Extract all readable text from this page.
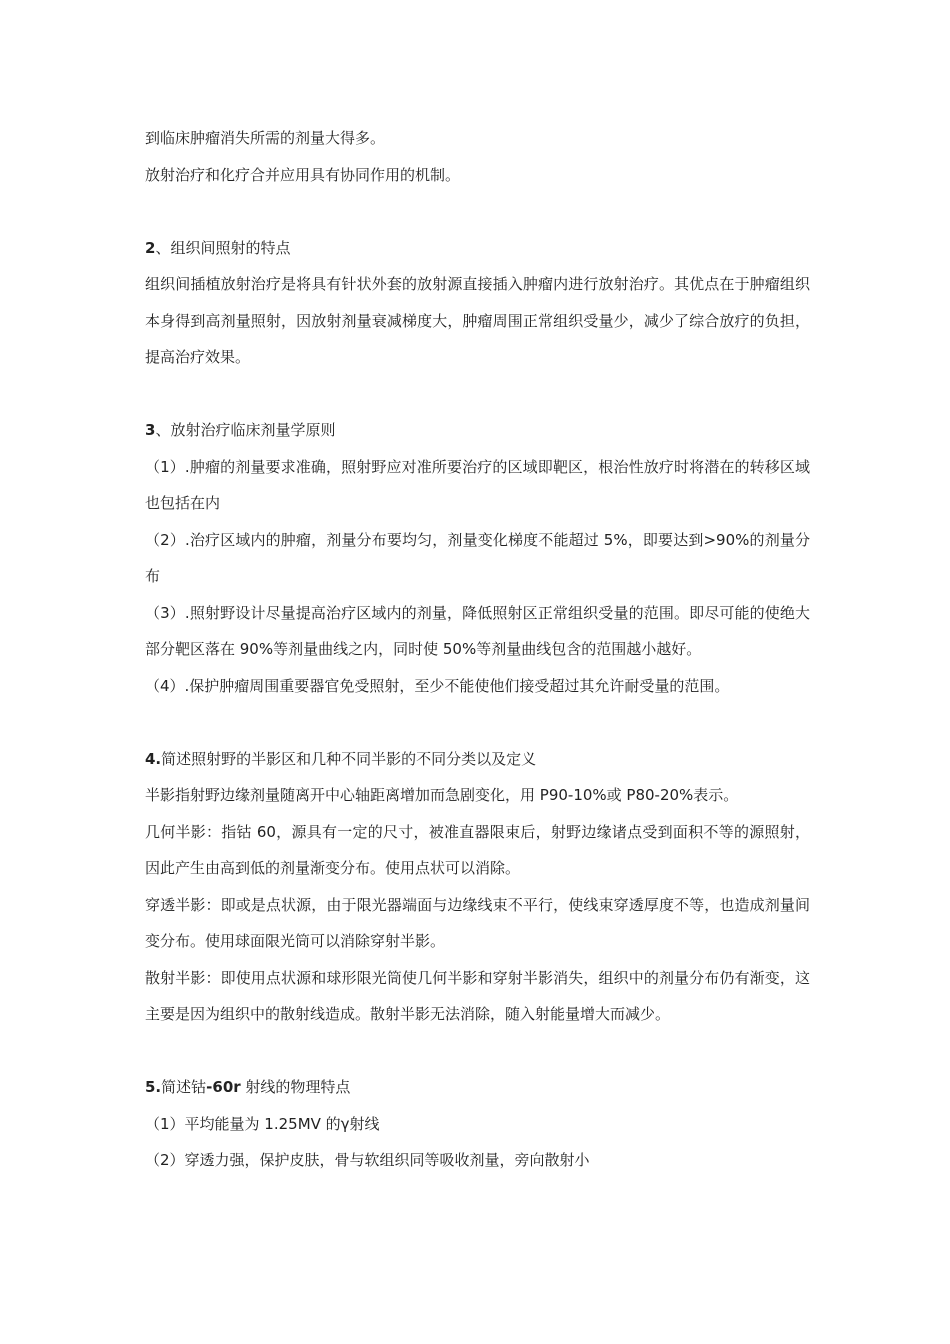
到临床肿瘤消失所需的剂量大得多。

放射治疗和化疗合并应用具有协同作用的机制。

2、组织间照射的特点

组织间插植放射治疗是将具有针状外套的放射源直接插入肿瘤内进行放射治疗。其优点在于肿瘤组织本身得到高剂量照射，因放射剂量衰减梯度大，肿瘤周围正常组织受量少，减少了综合放疗的负担，提高治疗效果。

3、放射治疗临床剂量学原则

（1）.肿瘤的剂量要求准确，照射野应对准所要治疗的区域即靶区，根治性放疗时将潜在的转移区域也包括在内

（2）.治疗区域内的肿瘤，剂量分布要均匀，剂量变化梯度不能超过 5%，即要达到>90%的剂量分布

（3）.照射野设计尽量提高治疗区域内的剂量，降低照射区正常组织受量的范围。即尽可能的使绝大部分靶区落在 90%等剂量曲线之内，同时使 50%等剂量曲线包含的范围越小越好。

（4）.保护肿瘤周围重要器官免受照射，至少不能使他们接受超过其允许耐受量的范围。

4.简述照射野的半影区和几种不同半影的不同分类以及定义

半影指射野边缘剂量随离开中心轴距离增加而急剧变化，用 P90-10%或 P80-20%表示。

几何半影：指钴 60，源具有一定的尺寸，被准直器限束后，射野边缘诸点受到面积不等的源照射，因此产生由高到低的剂量渐变分布。使用点状可以消除。

穿透半影：即或是点状源，由于限光器端面与边缘线束不平行，使线束穿透厚度不等，也造成剂量间变分布。使用球面限光筒可以消除穿射半影。

散射半影：即使用点状源和球形限光筒使几何半影和穿射半影消失，组织中的剂量分布仍有渐变，这主要是因为组织中的散射线造成。散射半影无法消除，随入射能量增大而减少。

5.简述钴-60r 射线的物理特点

（1）平均能量为 1.25MV 的γ射线

（2）穿透力强，保护皮肤，骨与软组织同等吸收剂量，旁向散射小
